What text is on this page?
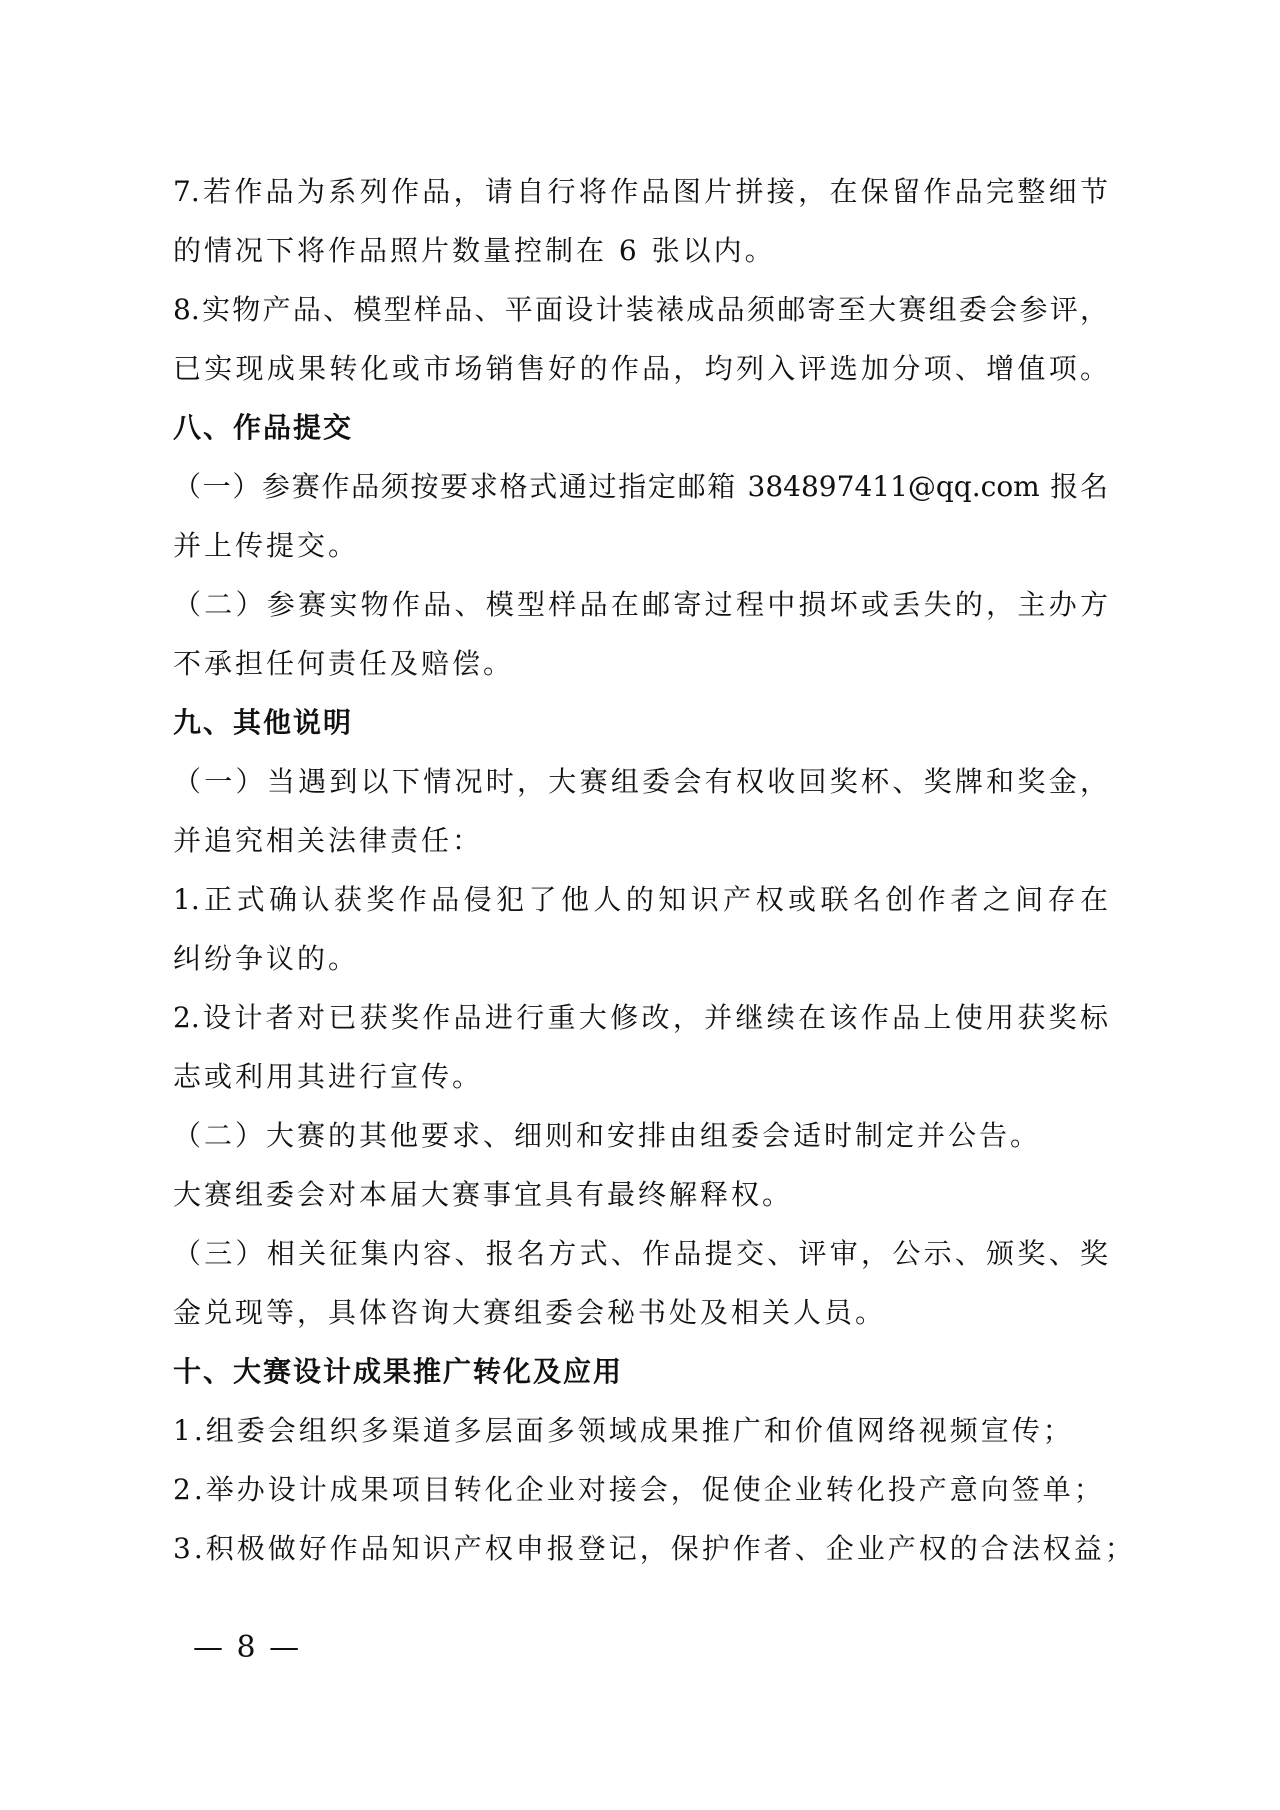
7.若作品为系列作品，请自行将作品图片拼接，在保留作品完整细节
的情况下将作品照片数量控制在 6 张以内。
8.实物产品、模型样品、平面设计装裱成品须邮寄至大赛组委会参评，
已实现成果转化或市场销售好的作品，均列入评选加分项、增值项。
八、作品提交
（一）参赛作品须按要求格式通过指定邮箱 384897411@qq.com 报名
并上传提交。
（二）参赛实物作品、模型样品在邮寄过程中损坏或丢失的，主办方
不承担任何责任及赔偿。
九、其他说明
（一）当遇到以下情况时，大赛组委会有权收回奖杯、奖牌和奖金，
并追究相关法律责任：
1.正式确认获奖作品侵犯了他人的知识产权或联名创作者之间存在
纠纷争议的。
2.设计者对已获奖作品进行重大修改，并继续在该作品上使用获奖标
志或利用其进行宣传。
（二）大赛的其他要求、细则和安排由组委会适时制定并公告。
大赛组委会对本届大赛事宜具有最终解释权。
（三）相关征集内容、报名方式、作品提交、评审，公示、颁奖、奖
金兑现等，具体咨询大赛组委会秘书处及相关人员。
十、大赛设计成果推广转化及应用
1.组委会组织多渠道多层面多领域成果推广和价值网络视频宣传；
2.举办设计成果项目转化企业对接会，促使企业转化投产意向签单；
3.积极做好作品知识产权申报登记，保护作者、企业产权的合法权益；
— 8 —
